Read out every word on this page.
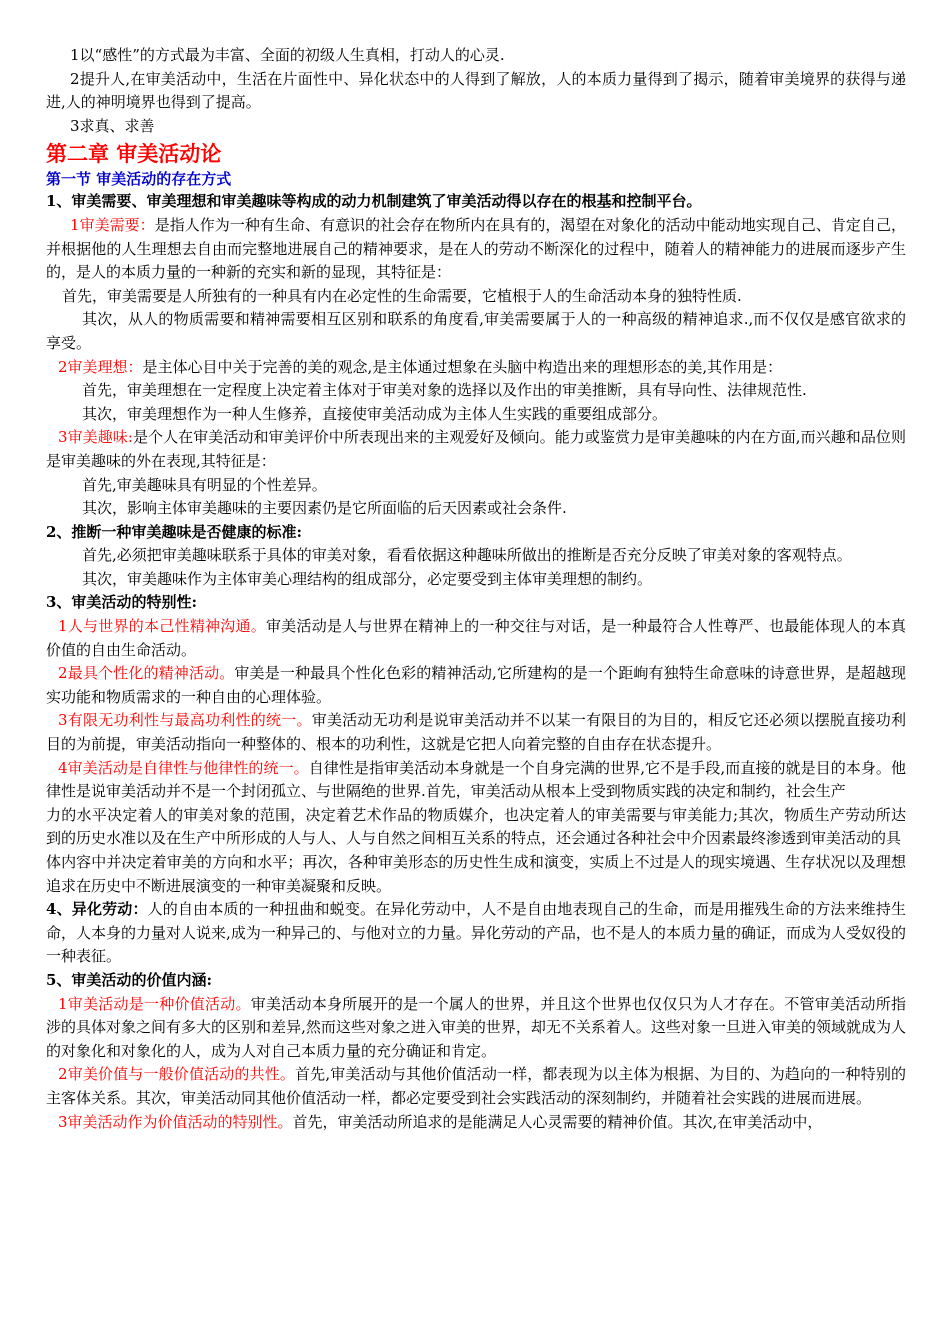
1以“感性”的方式最为丰富、全面的初级人生真相，打动人的心灵.

2提升人,在审美活动中，生活在片面性中、异化状态中的人得到了解放，人的本质力量得到了揭示，随着审美境界的获得与递进,人的神明境界也得到了提高。

3求真、求善

第二章 审美活动论
第一节 审美活动的存在方式

1、审美需要、审美理想和审美趣味等构成的动力机制建筑了审美活动得以存在的根基和控制平台。

1审美需要：是指人作为一种有生命、有意识的社会存在物所内在具有的，渴望在对象化的活动中能动地实现自己、肯定自己，并根据他的人生理想去自由而完整地进展自己的精神要求，是在人的劳动不断深化的过程中，随着人的精神能力的进展而逐步产生的，是人的本质力量的一种新的充实和新的显现，其特征是：

首先，审美需要是人所独有的一种具有内在必定性的生命需要，它植根于人的生命活动本身的独特性质.

其次，从人的物质需要和精神需要相互区别和联系的角度看,审美需要属于人的一种高级的精神追求.,而不仅仅是感官欲求的享受。

2审美理想：是主体心目中关于完善的美的观念,是主体通过想象在头脑中构造出来的理想形态的美,其作用是：

首先，审美理想在一定程度上决定着主体对于审美对象的选择以及作出的审美推断，具有导向性、法律规范性.

其次，审美理想作为一种人生修养，直接使审美活动成为主体人生实践的重要组成部分。

3审美趣味:是个人在审美活动和审美评价中所表现出来的主观爱好及倾向。能力或鉴赏力是审美趣味的内在方面,而兴趣和品位则是审美趣味的外在表现,其特征是：

首先,审美趣味具有明显的个性差异。

其次，影响主体审美趣味的主要因素仍是它所面临的后天因素或社会条件.

2、推断一种审美趣味是否健康的标准:

首先,必须把审美趣味联系于具体的审美对象，看看依据这种趣味所做出的推断是否充分反映了审美对象的客观特点。

其次，审美趣味作为主体审美心理结构的组成部分，必定要受到主体审美理想的制约。

3、审美活动的特别性:

1人与世界的本己性精神沟通。审美活动是人与世界在精神上的一种交往与对话，是一种最符合人性尊严、也最能体现人的本真价值的自由生命活动。

2最具个性化的精神活动。审美是一种最具个性化色彩的精神活动,它所建构的是一个距峋有独特生命意味的诗意世界，是超越现实功能和物质需求的一种自由的心理体验。

3有限无功利性与最高功利性的统一。审美活动无功利是说审美活动并不以某一有限目的为目的，相反它还必须以摆脱直接功利目的为前提，审美活动指向一种整体的、根本的功利性，这就是它把人向着完整的自由存在状态提升。

4审美活动是自律性与他律性的统一。自律性是指审美活动本身就是一个自身完满的世界,它不是手段,而直接的就是目的本身。他律性是说审美活动并不是一个封闭孤立、与世隔绝的世界.首先，审美活动从根本上受到物质实践的决定和制约，社会生产

力的水平决定着人的审美对象的范围，决定着艺术作品的物质媒介，也决定着人的审美需要与审美能力;其次，物质生产劳动所达到的历史水准以及在生产中所形成的人与人、人与自然之间相互关系的特点，还会通过各种社会中介因素最终渗透到审美活动的具

体内容中并决定着审美的方向和水平；再次，各种审美形态的历史性生成和演变，实质上不过是人的现实境遇、生存状况以及理想追求在历史中不断进展演变的一种审美凝聚和反映。

4、异化劳动：人的自由本质的一种扭曲和蜕变。在异化劳动中，人不是自由地表现自己的生命，而是用摧残生命的方法来维持生命，人本身的力量对人说来,成为一种异己的、与他对立的力量。异化劳动的产品，也不是人的本质力量的确证，而成为人受奴役的一种表征。

5、审美活动的价值内涵:

1审美活动是一种价值活动。审美活动本身所展开的是一个属人的世界，并且这个世界也仅仅只为人才存在。不管审美活动所指涉的具体对象之间有多大的区别和差异,然而这些对象之进入审美的世界，却无不关系着人。这些对象一旦进入审美的领域就成为人的对象化和对象化的人，成为人对自己本质力量的充分确证和肯定。

2审美价值与一般价值活动的共性。首先,审美活动与其他价值活动一样，都表现为以主体为根据、为目的、为趋向的一种特别的主客体关系。其次，审美活动同其他价值活动一样，都必定要受到社会实践活动的深刻制约，并随着社会实践的进展而进展。

3审美活动作为价值活动的特别性。首先，审美活动所追求的是能满足人心灵需要的精神价值。其次,在审美活动中，
